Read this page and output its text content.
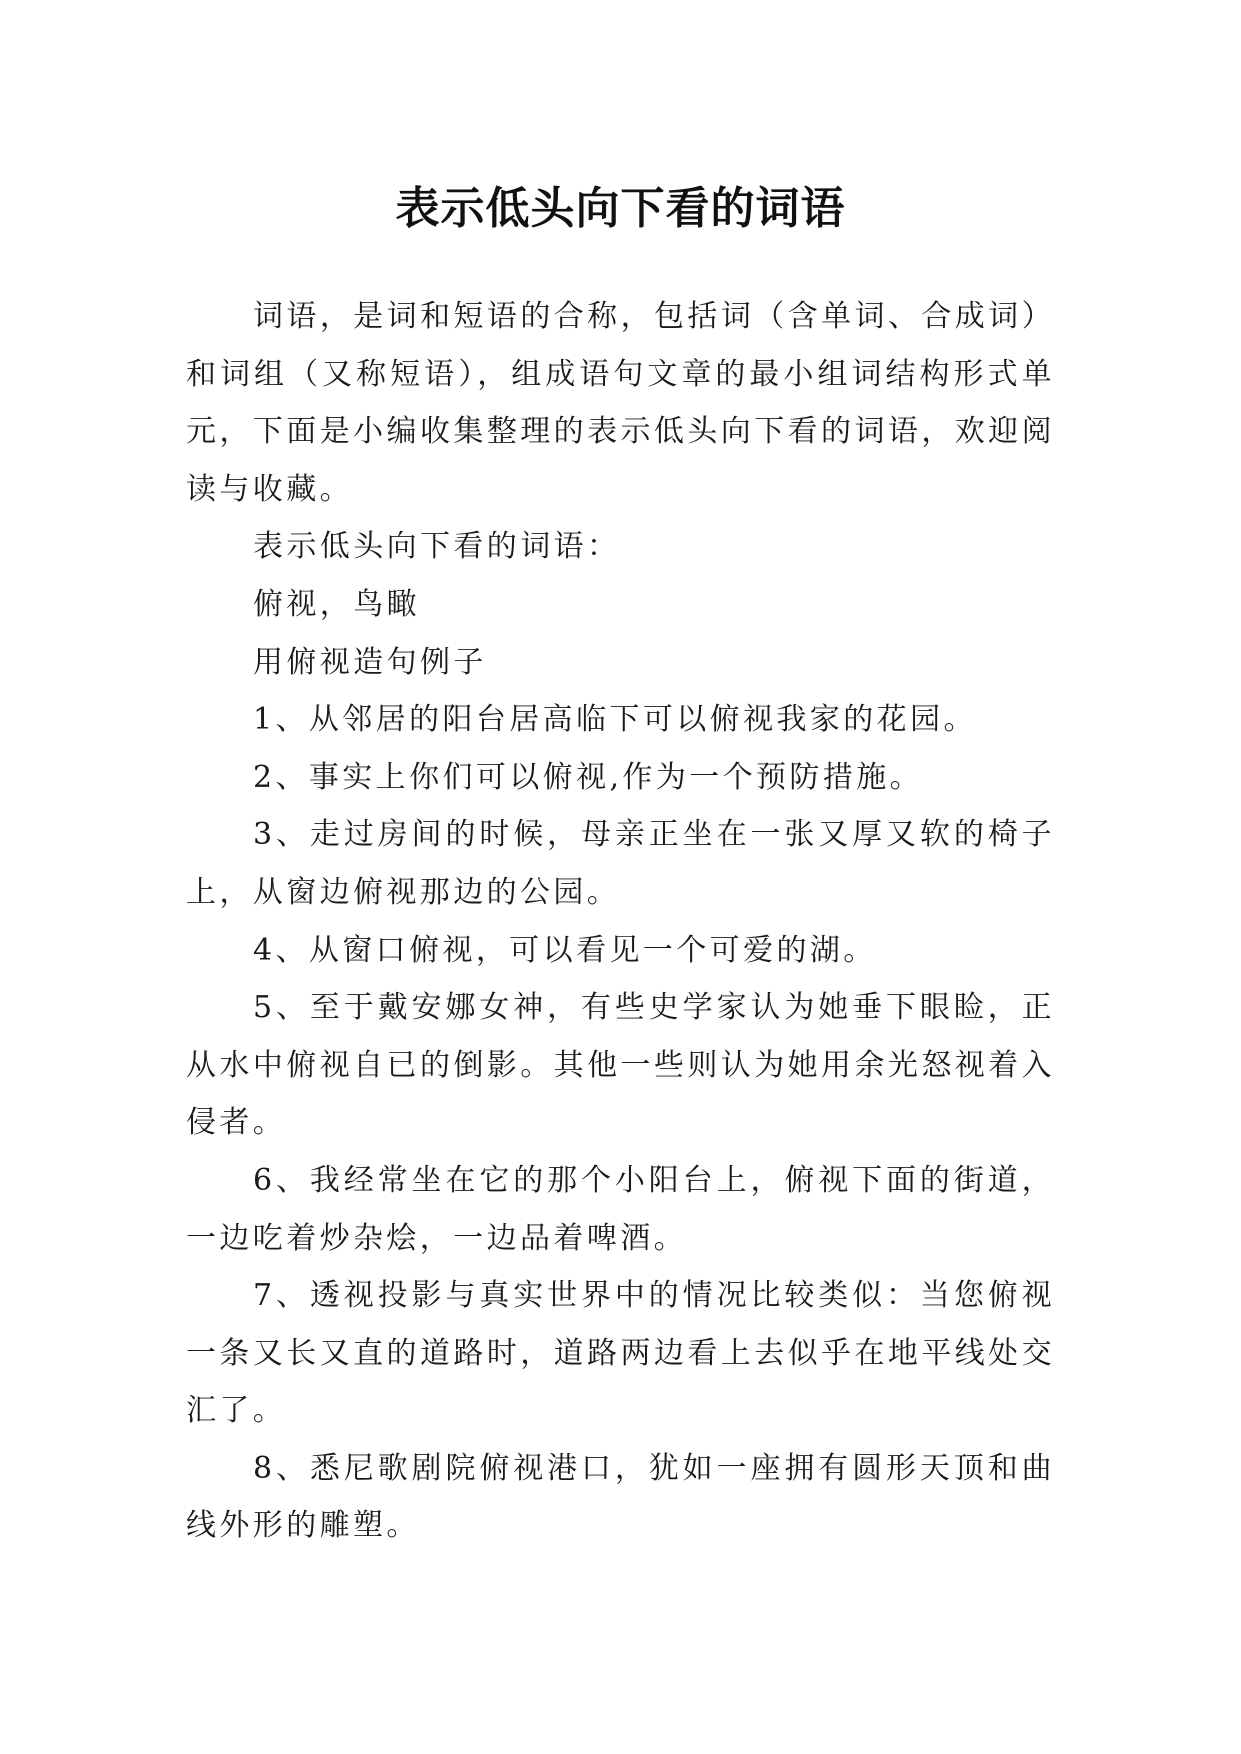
表示低头向下看的词语

词语，是词和短语的合称，包括词（含单词、合成词）和词组（又称短语），组成语句文章的最小组词结构形式单元，下面是小编收集整理的表示低头向下看的词语，欢迎阅读与收藏。

表示低头向下看的词语：

俯视，鸟瞰

用俯视造句例子

1、从邻居的阳台居高临下可以俯视我家的花园。

2、事实上你们可以俯视,作为一个预防措施。

3、走过房间的时候，母亲正坐在一张又厚又软的椅子上，从窗边俯视那边的公园。

4、从窗口俯视，可以看见一个可爱的湖。

5、至于戴安娜女神，有些史学家认为她垂下眼睑，正从水中俯视自已的倒影。其他一些则认为她用余光怒视着入侵者。

6、我经常坐在它的那个小阳台上，俯视下面的街道，一边吃着炒杂烩，一边品着啤酒。

7、透视投影与真实世界中的情况比较类似：当您俯视一条又长又直的道路时，道路两边看上去似乎在地平线处交汇了。

8、悉尼歌剧院俯视港口，犹如一座拥有圆形天顶和曲线外形的雕塑。
